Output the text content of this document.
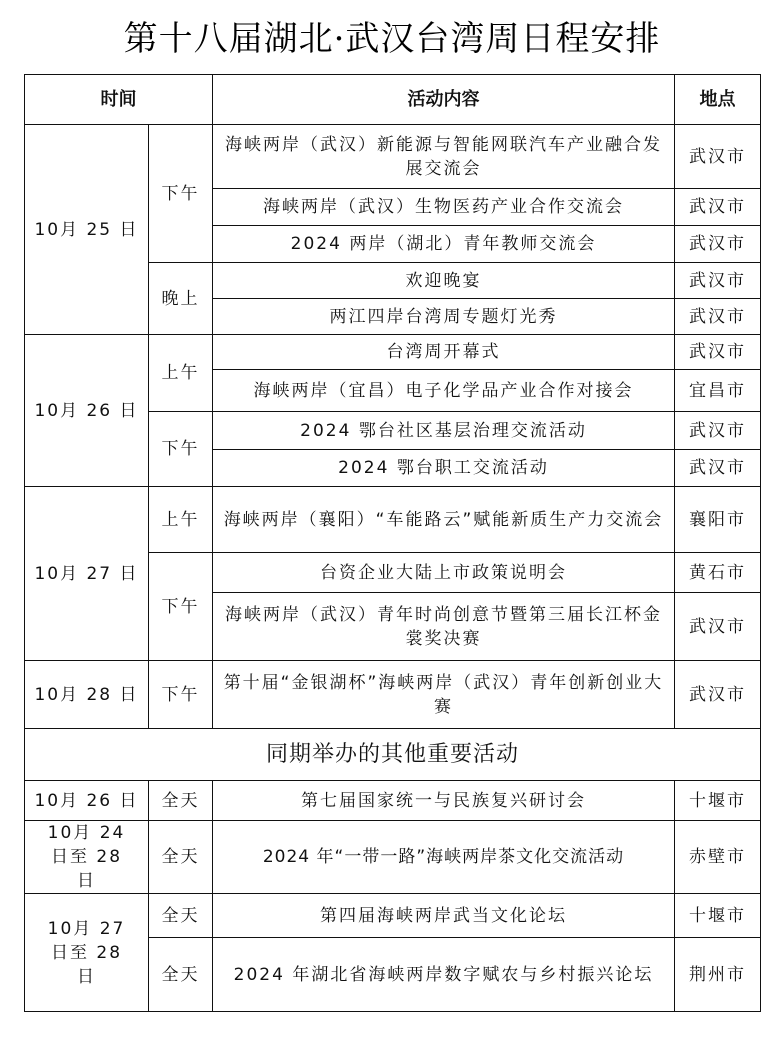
第十八届湖北·武汉台湾周日程安排
时间		活动内容	地点
10月 25 日	下午	海峡两岸（武汉）新能源与智能网联汽车产业融合发展交流会	武汉市
		海峡两岸（武汉）生物医药产业合作交流会	武汉市
		2024 两岸（湖北）青年教师交流会	武汉市
	晚上	欢迎晚宴	武汉市
		两江四岸台湾周专题灯光秀	武汉市
10月 26 日	上午	台湾周开幕式	武汉市
		海峡两岸（宜昌）电子化学品产业合作对接会	宜昌市
	下午	2024 鄂台社区基层治理交流活动	武汉市
		2024 鄂台职工交流活动	武汉市
10月 27 日	上午	海峡两岸（襄阳）“车能路云”赋能新质生产力交流会	襄阳市
	下午	台资企业大陆上市政策说明会	黄石市
		海峡两岸（武汉）青年时尚创意节暨第三届长江杯金裳奖决赛	武汉市
10月 28 日	下午	第十届“金银湖杯”海峡两岸（武汉）青年创新创业大赛	武汉市
同期举办的其他重要活动			
10月 26 日	全天	第七届国家统一与民族复兴研讨会	十堰市
10月 24 日至 28 日	全天	2024 年“一带一路”海峡两岸茶文化交流活动	赤壁市
10月 27 日至 28 日	全天	第四届海峡两岸武当文化论坛	十堰市
	全天	2024 年湖北省海峡两岸数字赋农与乡村振兴论坛	荆州市
